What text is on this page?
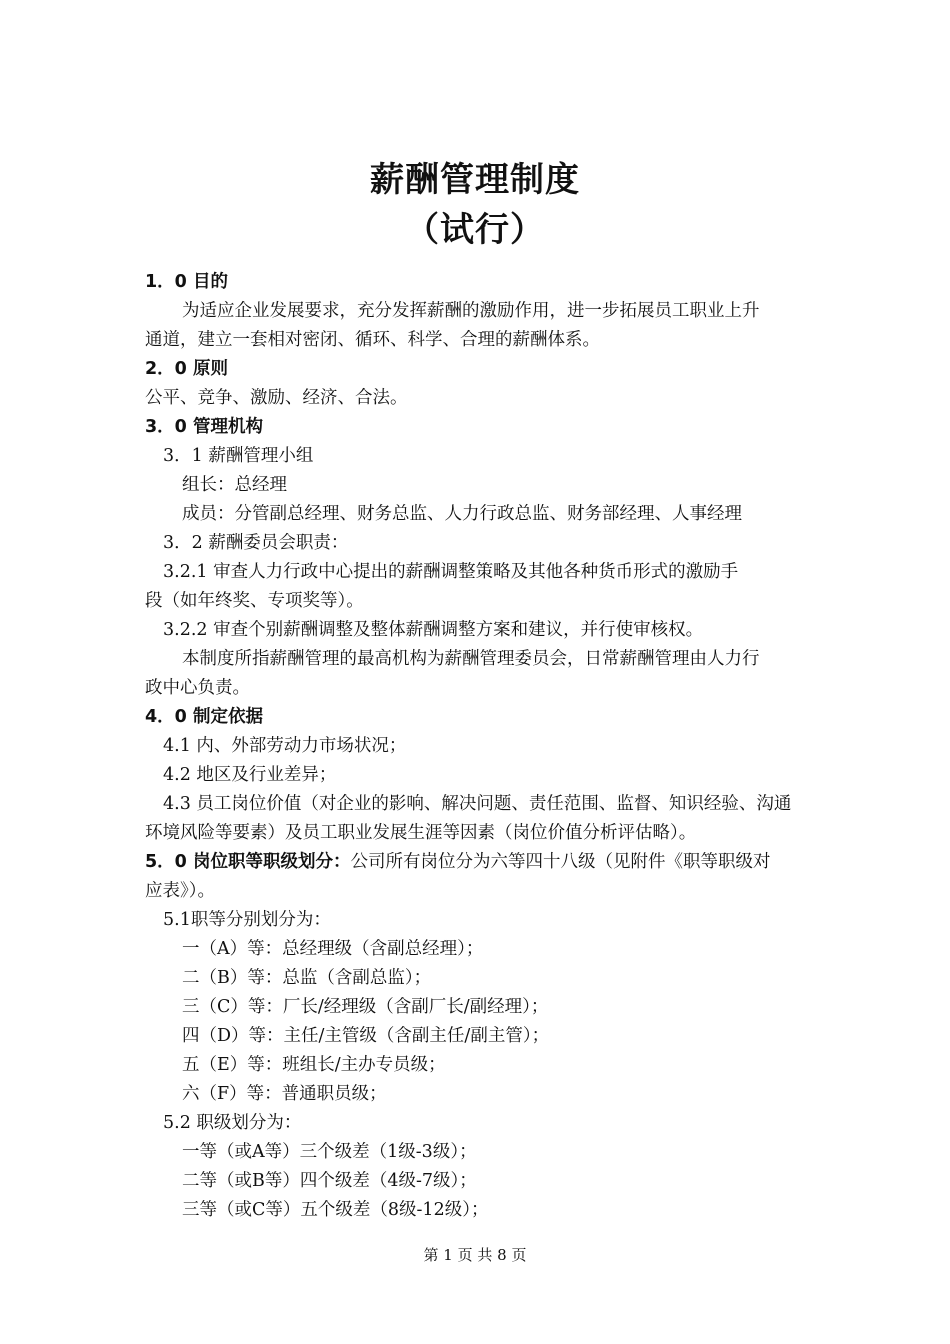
薪酬管理制度
（试行）
1．0 目的
为适应企业发展要求，充分发挥薪酬的激励作用，进一步拓展员工职业上升
通道，建立一套相对密闭、循环、科学、合理的薪酬体系。
2．0 原则
公平、竞争、激励、经济、合法。
3．0 管理机构
3．1 薪酬管理小组
组长：总经理
成员：分管副总经理、财务总监、人力行政总监、财务部经理、人事经理
3．2 薪酬委员会职责：
3.2.1 审查人力行政中心提出的薪酬调整策略及其他各种货币形式的激励手
段（如年终奖、专项奖等）。
3.2.2 审查个别薪酬调整及整体薪酬调整方案和建议，并行使审核权。
本制度所指薪酬管理的最高机构为薪酬管理委员会，日常薪酬管理由人力行
政中心负责。
4．0 制定依据
4.1 内、外部劳动力市场状况；
4.2 地区及行业差异；
4.3 员工岗位价值（对企业的影响、解决问题、责任范围、监督、知识经验、沟通
环境风险等要素）及员工职业发展生涯等因素（岗位价值分析评估略）。
5．0 岗位职等职级划分：公司所有岗位分为六等四十八级（见附件《职等职级对
应表》）。
5.1职等分别划分为：
一（A）等：总经理级（含副总经理）；
二（B）等：总监（含副总监）；
三（C）等：厂长/经理级（含副厂长/副经理）；
四（D）等：主任/主管级（含副主任/副主管）；
五（E）等：班组长/主办专员级；
六（F）等：普通职员级；
5.2 职级划分为：
一等（或A等）三个级差（1级-3级）；
二等（或B等）四个级差（4级-7级）；
三等（或C等）五个级差（8级-12级）；
第 1 页 共 8 页
